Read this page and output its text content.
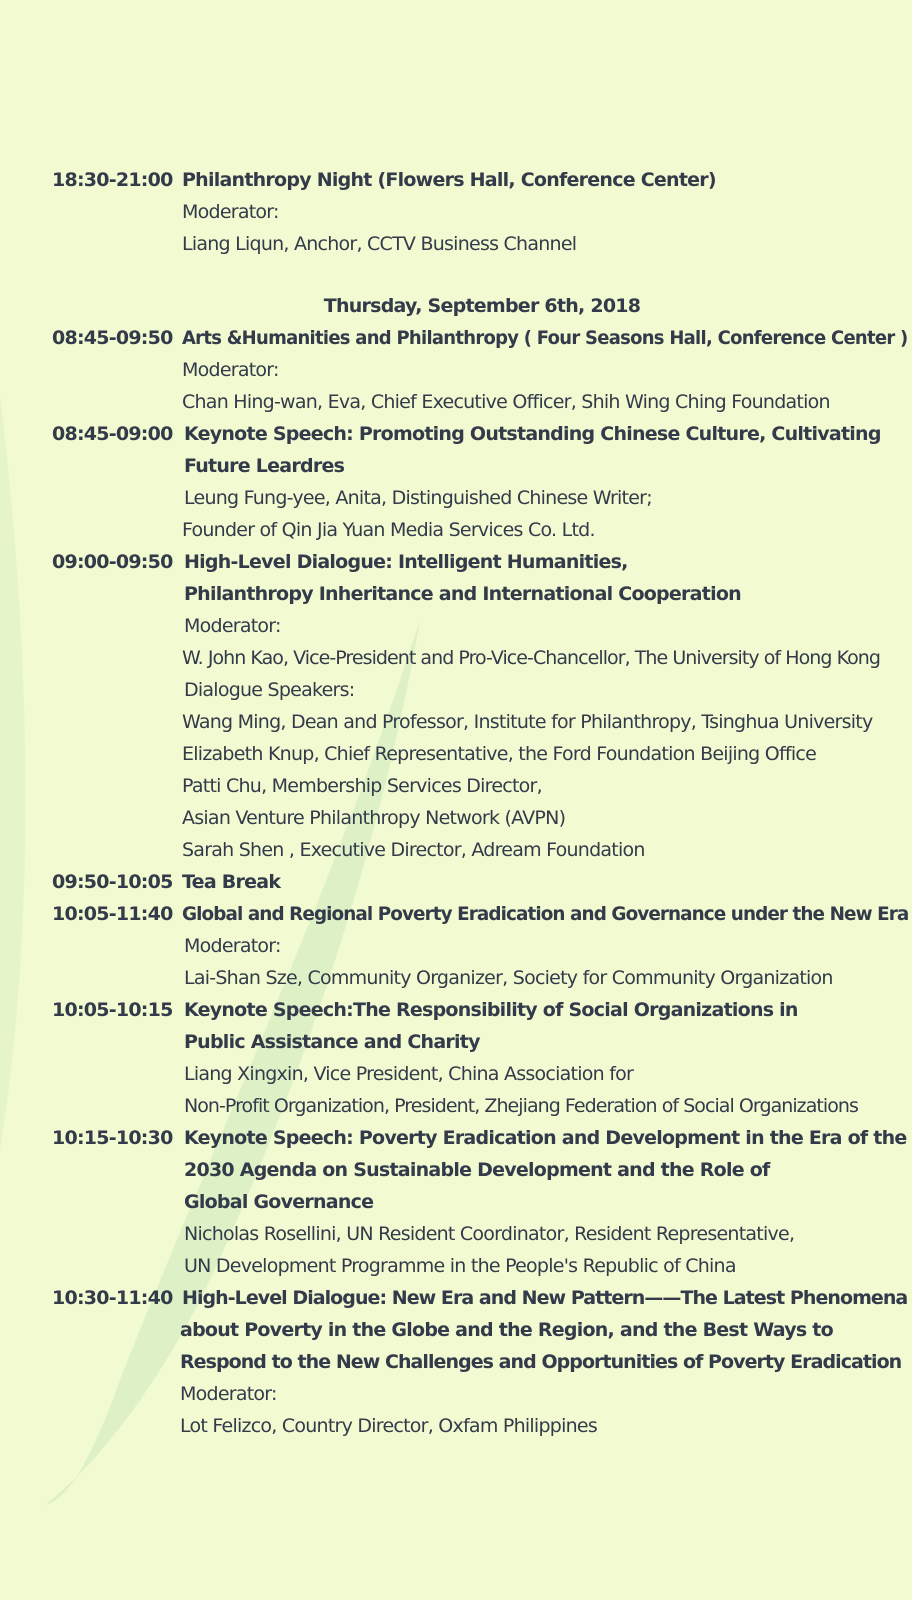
18:30-21:00 Philanthropy Night (Flowers Hall, Conference Center)
Moderator:
Liang Liqun, Anchor, CCTV Business Channel
Thursday, September 6th, 2018
08:45-09:50 Arts &Humanities and Philanthropy ( Four Seasons Hall, Conference Center )
Moderator:
Chan Hing-wan, Eva, Chief Executive Officer, Shih Wing Ching Foundation
08:45-09:00 Keynote Speech: Promoting Outstanding Chinese Culture, Cultivating
Future Leardres
Leung Fung-yee, Anita, Distinguished Chinese Writer;
Founder of Qin Jia Yuan Media Services Co. Ltd.
09:00-09:50 High-Level Dialogue: Intelligent Humanities,
Philanthropy Inheritance and International Cooperation
Moderator:
W. John Kao, Vice-President and Pro-Vice-Chancellor, The University of Hong Kong
Dialogue Speakers:
Wang Ming, Dean and Professor, Institute for Philanthropy, Tsinghua University
Elizabeth Knup, Chief Representative, the Ford Foundation Beijing Office
Patti Chu, Membership Services Director,
Asian Venture Philanthropy Network (AVPN)
Sarah Shen , Executive Director, Adream Foundation
09:50-10:05 Tea Break
10:05-11:40 Global and Regional Poverty Eradication and Governance under the New Era
Moderator:
Lai-Shan Sze, Community Organizer, Society for Community Organization
10:05-10:15 Keynote Speech:The Responsibility of Social Organizations in
Public Assistance and Charity
Liang Xingxin, Vice President, China Association for
Non-Profit Organization, President, Zhejiang Federation of Social Organizations
10:15-10:30 Keynote Speech: Poverty Eradication and Development in the Era of the
2030 Agenda on Sustainable Development and the Role of
Global Governance
Nicholas Rosellini, UN Resident Coordinator, Resident Representative,
UN Development Programme in the People's Republic of China
10:30-11:40 High-Level Dialogue: New Era and New Pattern——The Latest Phenomena
about Poverty in the Globe and the Region, and the Best Ways to
Respond to the New Challenges and Opportunities of Poverty Eradication
Moderator:
Lot Felizco, Country Director, Oxfam Philippines
